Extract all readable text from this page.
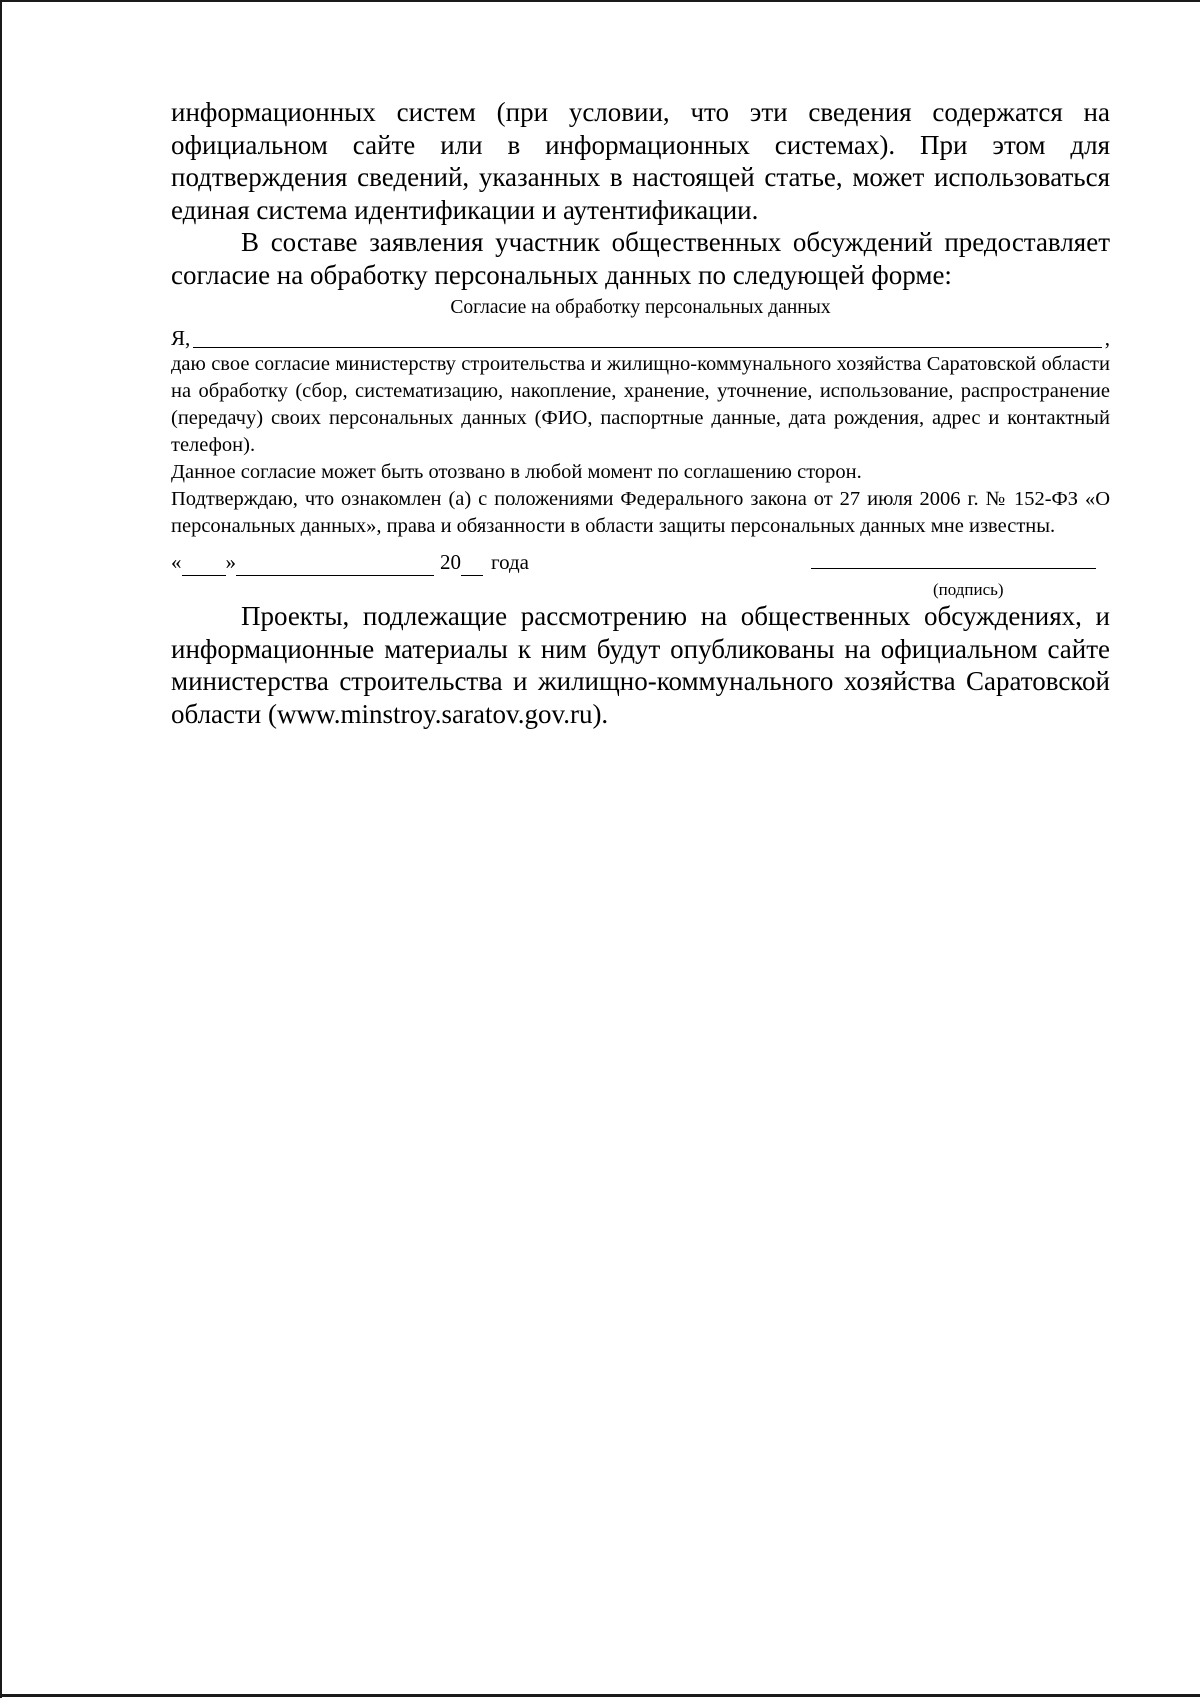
информационных систем (при условии, что эти сведения содержатся на официальном сайте или в информационных системах). При этом для подтверждения сведений, указанных в настоящей статье, может использоваться единая система идентификации и аутентификации.

В составе заявления участник общественных обсуждений предоставляет согласие на обработку персональных данных по следующей форме:

Согласие на обработку персональных данных
Я,	,

даю свое согласие министерству строительства и жилищно-коммунального хозяйства Саратовской области на обработку (сбор, систематизацию, накопление, хранение, уточнение, использование, распространение (передачу) своих персональных данных (ФИО, паспортные данные, дата рождения, адрес и контактный телефон).

Данное согласие может быть отозвано в любой момент по соглашению сторон.

Подтверждаю, что ознакомлен (а) с положениями Федерального закона от 27 июля 2006 г. № 152-ФЗ «О персональных данных», права и обязанности в области защиты персональных данных мне известны.

« »	20 года
(подпись)

Проекты, подлежащие рассмотрению на общественных обсуждениях, и информационные материалы к ним будут опубликованы на официальном сайте министерства строительства и жилищно-коммунального хозяйства Саратовской области (www.minstroy.saratov.gov.ru).
